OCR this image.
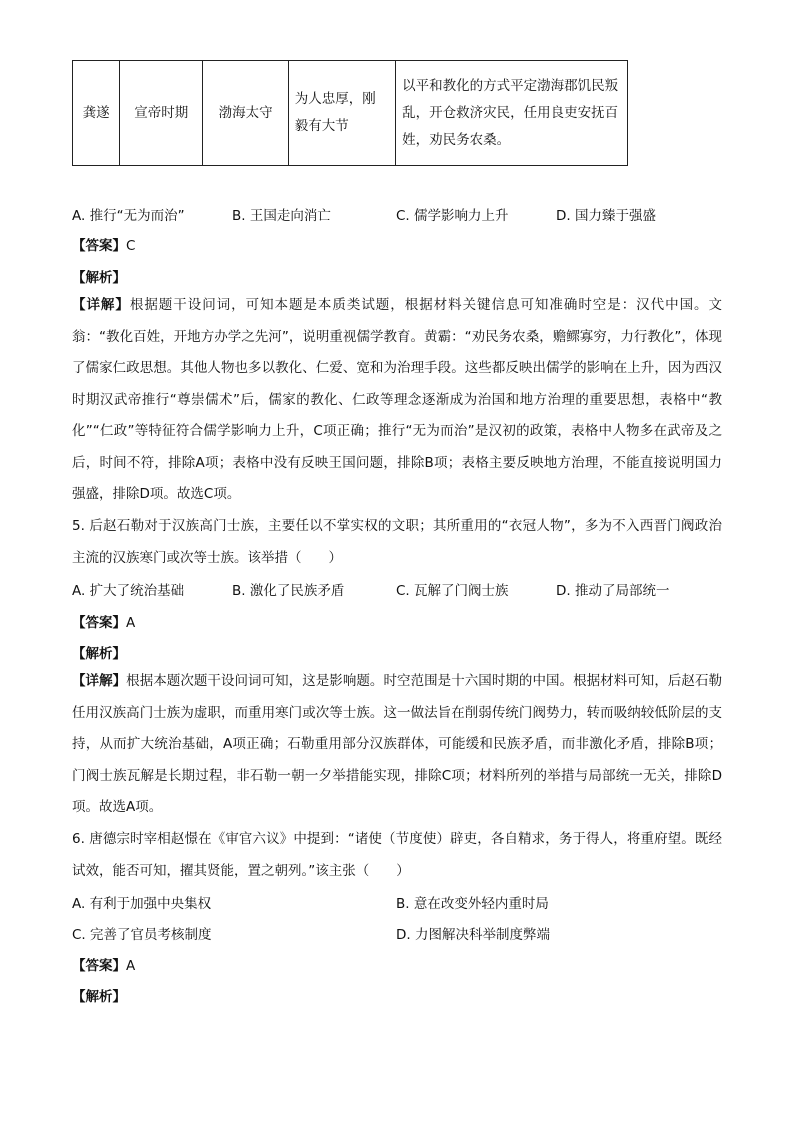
龚遂	宣帝时期	渤海太守	为人忠厚，刚毅有大节	以平和教化的方式平定渤海郡饥民叛乱，开仓救济灾民，任用良吏安抚百姓，劝民务农桑。
A. 推行“无为而治”	B. 王国走向消亡	C. 儒学影响力上升	D. 国力臻于强盛
【答案】C
【解析】
【详解】根据题干设问词，可知本题是本质类试题，根据材料关键信息可知准确时空是：汉代中国。文翁：“教化百姓，开地方办学之先河”，说明重视儒学教育。黄霸：“劝民务农桑，赡鳏寡穷，力行教化”，体现了儒家仁政思想。其他人物也多以教化、仁爱、宽和为治理手段。这些都反映出儒学的影响在上升，因为西汉时期汉武帝推行“尊崇儒术”后，儒家的教化、仁政等理念逐渐成为治国和地方治理的重要思想，表格中“教化”“仁政”等特征符合儒学影响力上升，C项正确；推行“无为而治”是汉初的政策，表格中人物多在武帝及之后，时间不符，排除A项；表格中没有反映王国问题，排除B项；表格主要反映地方治理，不能直接说明国力强盛，排除D项。故选C项。
5. 后赵石勒对于汉族高门士族，主要任以不掌实权的文职；其所重用的“衣冠人物”，多为不入西晋门阀政治主流的汉族寒门或次等士族。该举措（　　）
A. 扩大了统治基础	B. 激化了民族矛盾	C. 瓦解了门阀士族	D. 推动了局部统一
【答案】A
【解析】
【详解】根据本题次题干设问词可知，这是影响题。时空范围是十六国时期的中国。根据材料可知，后赵石勒任用汉族高门士族为虚职，而重用寒门或次等士族。这一做法旨在削弱传统门阀势力，转而吸纳较低阶层的支持，从而扩大统治基础，A项正确；石勒重用部分汉族群体，可能缓和民族矛盾，而非激化矛盾，排除B项；门阀士族瓦解是长期过程，非石勒一朝一夕举措能实现，排除C项；材料所列的举措与局部统一无关，排除D项。故选A项。
6. 唐德宗时宰相赵憬在《审官六议》中提到：“诸使（节度使）辟吏，各自精求，务于得人，将重府望。既经试效，能否可知，擢其贤能，置之朝列。”该主张（　　）
A. 有利于加强中央集权	B. 意在改变外轻内重时局
C. 完善了官员考核制度	D. 力图解决科举制度弊端
【答案】A
【解析】
